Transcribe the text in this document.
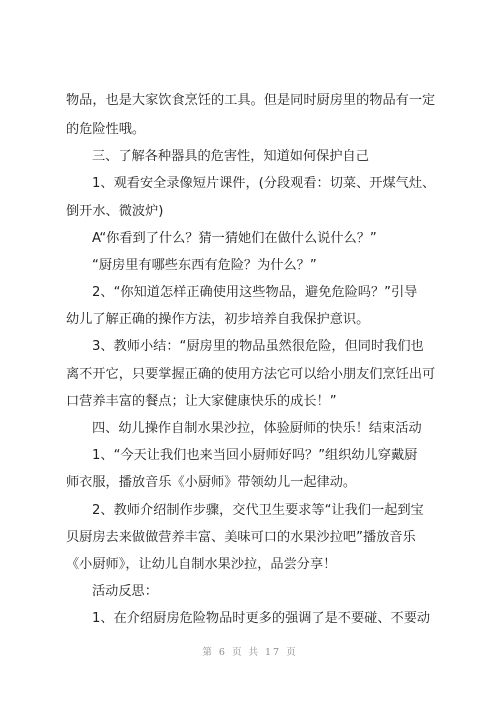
物品，也是大家饮食烹饪的工具。但是同时厨房里的物品有一定
的危险性哦。
三、了解各种器具的危害性，知道如何保护自己
1、观看安全录像短片课件，(分段观看：切菜、开煤气灶、
倒开水、微波炉)
A“你看到了什么？猜一猜她们在做什么说什么？”
“厨房里有哪些东西有危险？为什么？”
2、“你知道怎样正确使用这些物品，避免危险吗？”引导
幼儿了解正确的操作方法，初步培养自我保护意识。
3、教师小结：“厨房里的物品虽然很危险，但同时我们也
离不开它，只要掌握正确的使用方法它可以给小朋友们烹饪出可
口营养丰富的餐点；让大家健康快乐的成长！”
四、幼儿操作自制水果沙拉，体验厨师的快乐！结束活动
1、“今天让我们也来当回小厨师好吗？”组织幼儿穿戴厨
师衣服，播放音乐《小厨师》带领幼儿一起律动。
2、教师介绍制作步骤，交代卫生要求等“让我们一起到宝
贝厨房去来做做营养丰富、美味可口的水果沙拉吧”播放音乐
《小厨师》，让幼儿自制水果沙拉，品尝分享！
活动反思：
1、在介绍厨房危险物品时更多的强调了是不要碰、不要动
第 6 页 共 17 页
